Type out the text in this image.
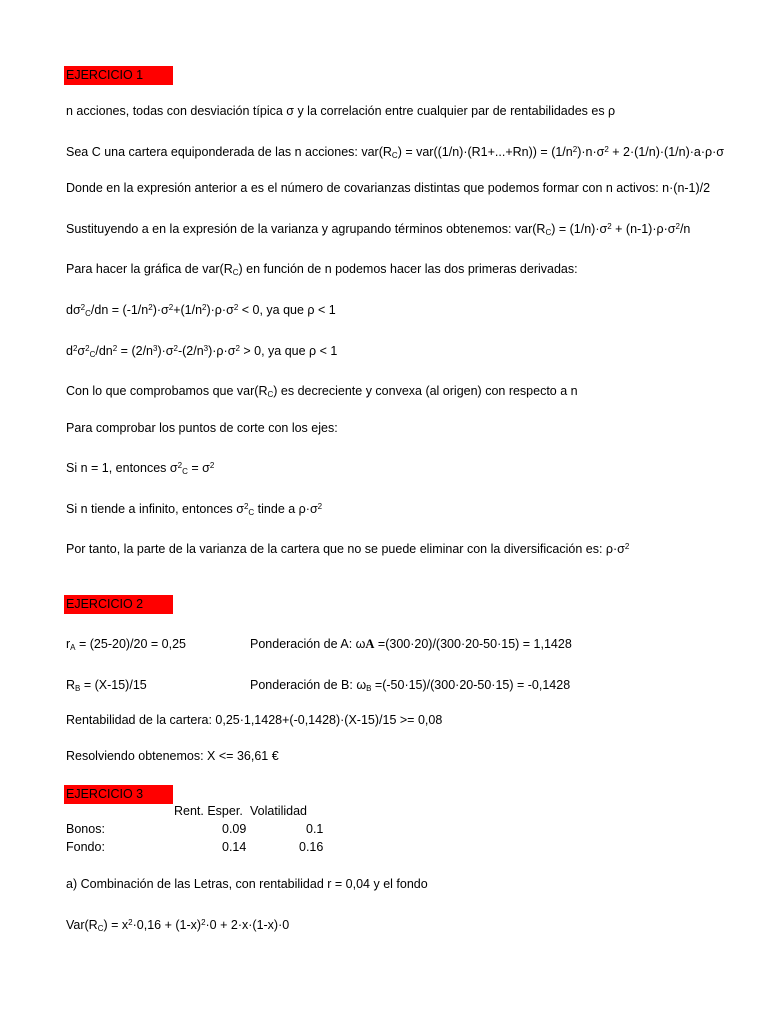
EJERCICIO 1
n acciones, todas con desviación típica σ y la correlación entre cualquier par de rentabilidades es ρ
Sea C una cartera equiponderada de las n acciones: $var(R_C) = var((1/n)\cdot(R1+...+Rn)) = (1/n^2)\cdot n\cdot\sigma^2 + 2\cdot(1/n)\cdot(1/n)\cdot a\cdot\rho\cdot\sigma$
Donde en la expresión anterior a es el número de covarianzas distintas que podemos formar con n activos: n·(n-1)/2
Sustituyendo a en la expresión de la varianza y agrupando términos obtenemos: $var(R_C) = (1/n)\cdot\sigma^2 + (n-1)\cdot\rho\cdot\sigma^2/n$
Para hacer la gráfica de $var(R_C)$ en función de n podemos hacer las dos primeras derivadas:
$d\sigma^2_C/dn = (-1/n^2)\cdot\sigma^2+(1/n^2)\cdot\rho\cdot\sigma^2 < 0$, ya que ρ < 1
$d^2\sigma^2_C/dn^2 = (2/n^3)\cdot\sigma^2-(2/n^3)\cdot\rho\cdot\sigma^2 > 0$, ya que ρ < 1
Con lo que comprobamos que $var(R_C)$ es decreciente y convexa (al origen) con respecto a n
Para comprobar los puntos de corte con los ejes:
Si n = 1, entonces $\sigma^2_C = \sigma^2$
Si n tiende a infinito, entonces $\sigma^2_C$ tinde a $\rho\cdot\sigma^2$
Por tanto, la parte de la varianza de la cartera que no se puede eliminar con la diversificación es: $\rho\cdot\sigma^2$
EJERCICIO 2
$r_A = (25-20)/20 = 0,25$	Ponderación de A: ωA =(300·20)/(300·20-50·15) = 1,1428
$R_B = (X-15)/15$	Ponderación de B: $\omega_B =(-50\cdot 15)/(300\cdot 20-50\cdot 15) = -0,1428$
Rentabilidad de la cartera: 0,25·1,1428+(-0,1428)·(X-15)/15 >= 0,08
Resolviendo obtenemos: X <= 36,61 €
EJERCICIO 3
Rent. Esper. Volatilidad
Bonos:	0.09	0.1
Fondo:	0.14	0.16
a) Combinación de las Letras, con rentabilidad r = 0,04 y el fondo
$Var(R_C) = x^2\cdot 0,16 + (1-x)^2\cdot 0 + 2\cdot x\cdot(1-x)\cdot 0$
